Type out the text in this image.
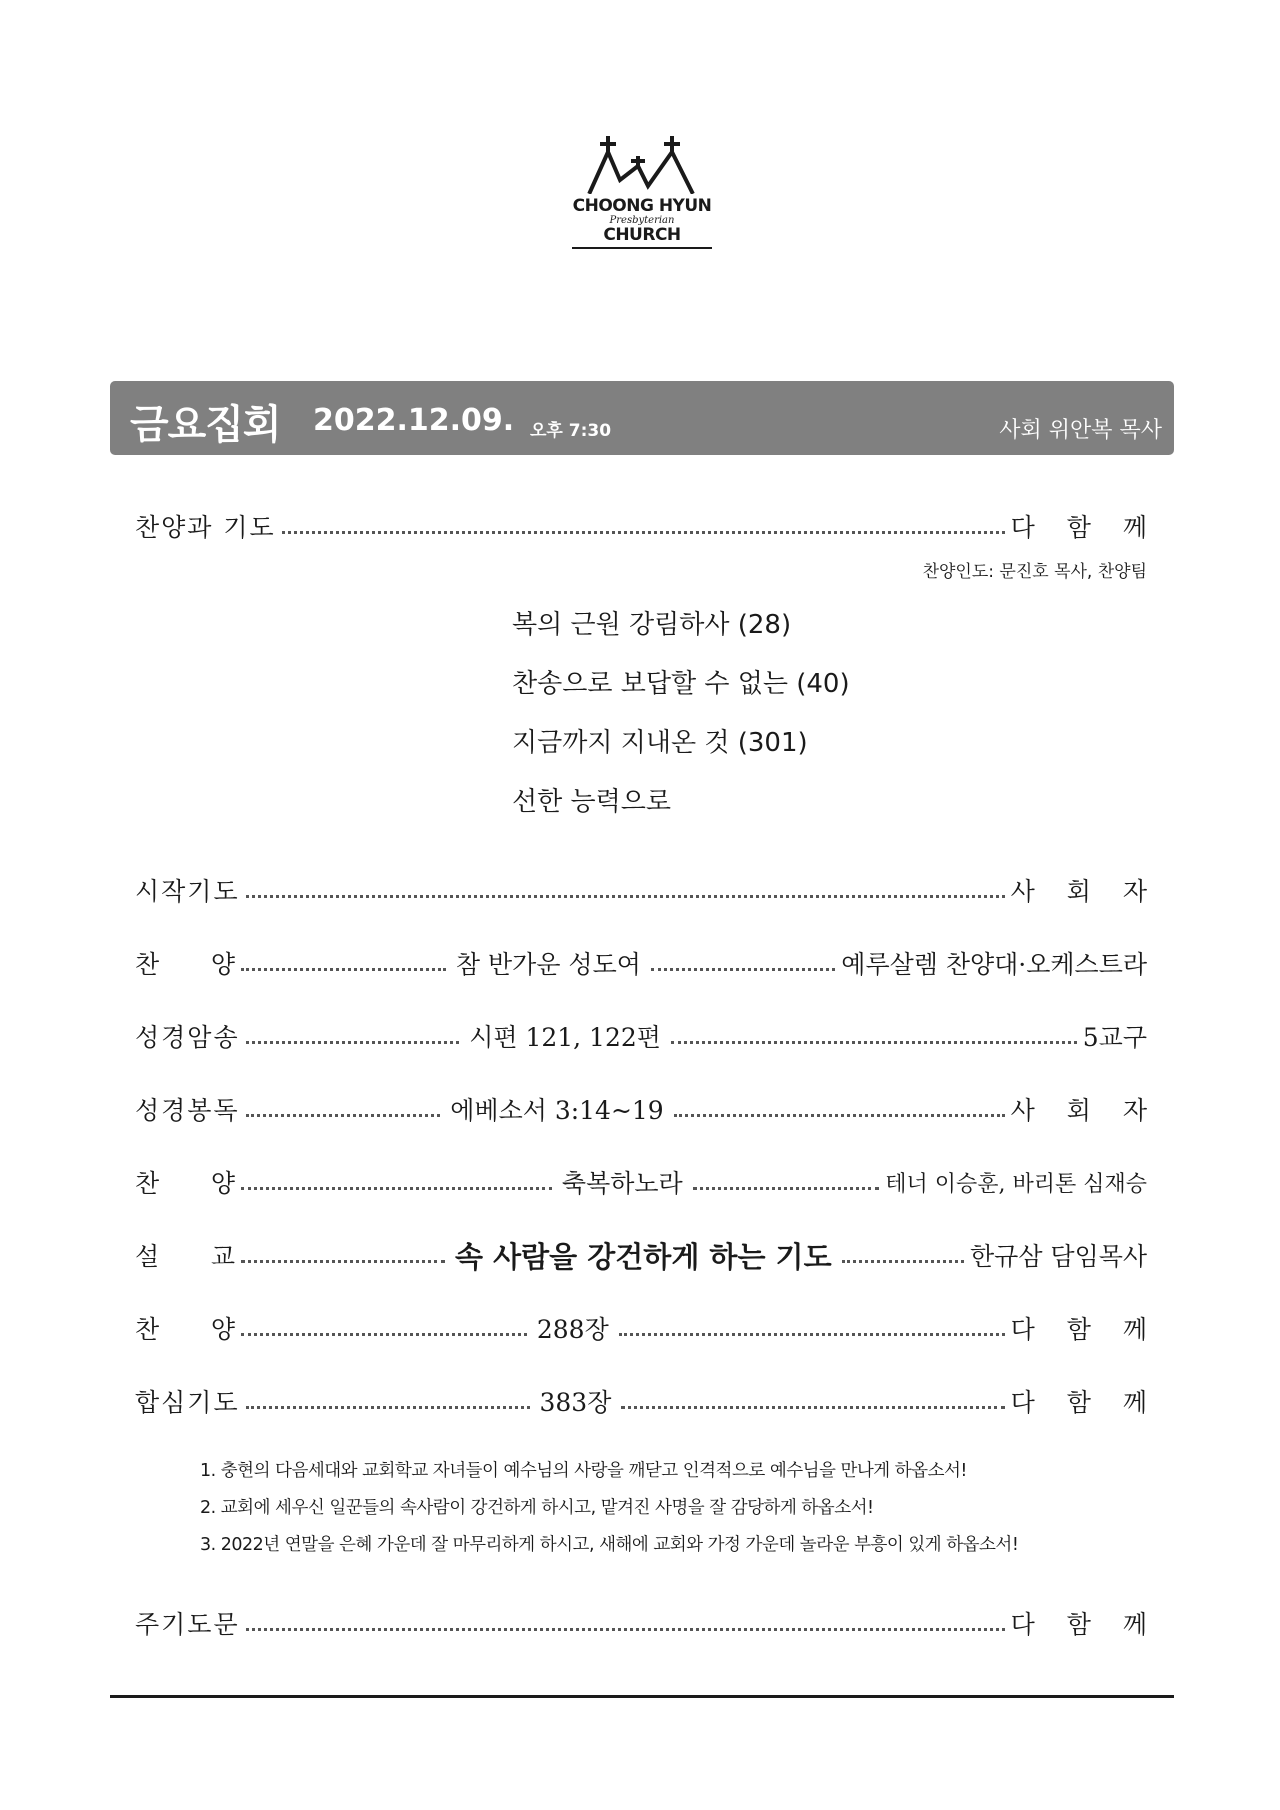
CHOONG HYUN
Presbyterian
CHURCH
금요집회 2022.12.09. 오후 7:30	사회 위안복 목사
찬양과 기도	다 함 께
찬양인도: 문진호 목사, 찬양팀
복의 근원 강림하사 (28)
찬송으로 보답할 수 없는 (40)
지금까지 지내온 것 (301)
선한 능력으로
시작기도	사 회 자
찬 양	참 반가운 성도여	예루살렘 찬양대·오케스트라
성경암송	시편 121, 122편	5교구
성경봉독	에베소서 3:14~19	사 회 자
찬 양	축복하노라	테너 이승훈, 바리톤 심재승
설 교	속 사람을 강건하게 하는 기도	한규삼 담임목사
찬 양	288장	다 함 께
합심기도	383장	다 함 께
1. 충현의 다음세대와 교회학교 자녀들이 예수님의 사랑을 깨닫고 인격적으로 예수님을 만나게 하옵소서!
2. 교회에 세우신 일꾼들의 속사람이 강건하게 하시고, 맡겨진 사명을 잘 감당하게 하옵소서!
3. 2022년 연말을 은혜 가운데 잘 마무리하게 하시고, 새해에 교회와 가정 가운데 놀라운 부흥이 있게 하옵소서!
주기도문	다 함 께
